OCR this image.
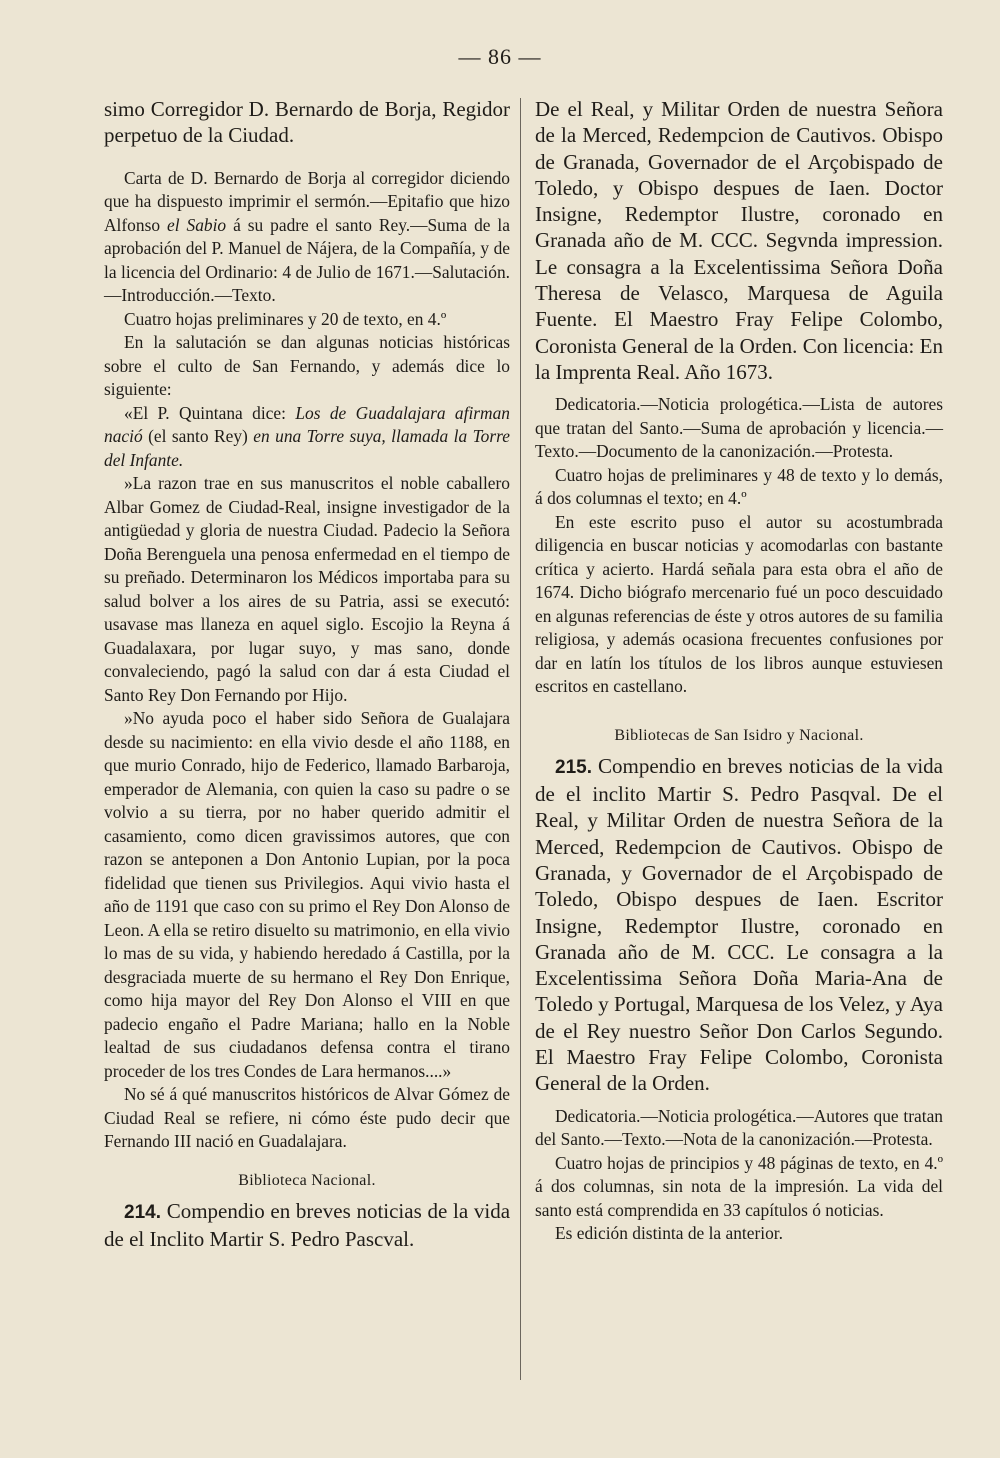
— 86 —

simo Corregidor D. Bernardo de Borja, Regidor perpetuo de la Ciudad.

Carta de D. Bernardo de Borja al corregidor diciendo que ha dispuesto imprimir el sermón.—Epitafio que hizo Alfonso el Sabio á su padre el santo Rey.—Suma de la aprobación del P. Manuel de Nájera, de la Compañía, y de la licencia del Ordinario: 4 de Julio de 1671.—Salutación.—Introducción.—Texto.

Cuatro hojas preliminares y 20 de texto, en 4.º

En la salutación se dan algunas noticias históricas sobre el culto de San Fernando, y además dice lo siguiente:

«El P. Quintana dice: Los de Guadalajara afirman nació (el santo Rey) en una Torre suya, llamada la Torre del Infante.

»La razon trae en sus manuscritos el noble caballero Albar Gomez de Ciudad-Real, insigne investigador de la antigüedad y gloria de nuestra Ciudad. Padecio la Señora Doña Berenguela una penosa enfermedad en el tiempo de su preñado. Determinaron los Médicos importaba para su salud bolver a los aires de su Patria, assi se executó: usavase mas llaneza en aquel siglo. Escojio la Reyna á Guadalaxara, por lugar suyo, y mas sano, donde convaleciendo, pagó la salud con dar á esta Ciudad el Santo Rey Don Fernando por Hijo.

»No ayuda poco el haber sido Señora de Gualajara desde su nacimiento: en ella vivio desde el año 1188, en que murio Conrado, hijo de Federico, llamado Barbaroja, emperador de Alemania, con quien la caso su padre o se volvio a su tierra, por no haber querido admitir el casamiento, como dicen gravissimos autores, que con razon se anteponen a Don Antonio Lupian, por la poca fidelidad que tienen sus Privilegios. Aqui vivio hasta el año de 1191 que caso con su primo el Rey Don Alonso de Leon. A ella se retiro disuelto su matrimonio, en ella vivio lo mas de su vida, y habiendo heredado á Castilla, por la desgraciada muerte de su hermano el Rey Don Enrique, como hija mayor del Rey Don Alonso el VIII en que padecio engaño el Padre Mariana; hallo en la Noble lealtad de sus ciudadanos defensa contra el tirano proceder de los tres Condes de Lara hermanos....»

No sé á qué manuscritos históricos de Alvar Gómez de Ciudad Real se refiere, ni cómo éste pudo decir que Fernando III nació en Guadalajara.

Biblioteca Nacional.

214. Compendio en breves noticias de la vida de el Inclito Martir S. Pedro Pascval.

De el Real, y Militar Orden de nuestra Señora de la Merced, Redempcion de Cautivos. Obispo de Granada, Governador de el Arçobispado de Toledo, y Obispo despues de Iaen. Doctor Insigne, Redemptor Ilustre, coronado en Granada año de M. CCC. Segvnda impression. Le consagra a la Excelentissima Señora Doña Theresa de Velasco, Marquesa de Aguila Fuente. El Maestro Fray Felipe Colombo, Coronista General de la Orden. Con licencia: En la Imprenta Real. Año 1673.

Dedicatoria.—Noticia prologética.—Lista de autores que tratan del Santo.—Suma de aprobación y licencia.—Texto.—Documento de la canonización.—Protesta.

Cuatro hojas de preliminares y 48 de texto y lo demás, á dos columnas el texto; en 4.º

En este escrito puso el autor su acostumbrada diligencia en buscar noticias y acomodarlas con bastante crítica y acierto. Hardá señala para esta obra el año de 1674. Dicho biógrafo mercenario fué un poco descuidado en algunas referencias de éste y otros autores de su familia religiosa, y además ocasiona frecuentes confusiones por dar en latín los títulos de los libros aunque estuviesen escritos en castellano.

Bibliotecas de San Isidro y Nacional.

215. Compendio en breves noticias de la vida de el inclito Martir S. Pedro Pasqval. De el Real, y Militar Orden de nuestra Señora de la Merced, Redempcion de Cautivos. Obispo de Granada, y Governador de el Arçobispado de Toledo, Obispo despues de Iaen. Escritor Insigne, Redemptor Ilustre, coronado en Granada año de M. CCC. Le consagra a la Excelentissima Señora Doña Maria-Ana de Toledo y Portugal, Marquesa de los Velez, y Aya de el Rey nuestro Señor Don Carlos Segundo. El Maestro Fray Felipe Colombo, Coronista General de la Orden.

Dedicatoria.—Noticia prologética.—Autores que tratan del Santo.—Texto.—Nota de la canonización.—Protesta.

Cuatro hojas de principios y 48 páginas de texto, en 4.º á dos columnas, sin nota de la impresión. La vida del santo está comprendida en 33 capítulos ó noticias.

Es edición distinta de la anterior.
